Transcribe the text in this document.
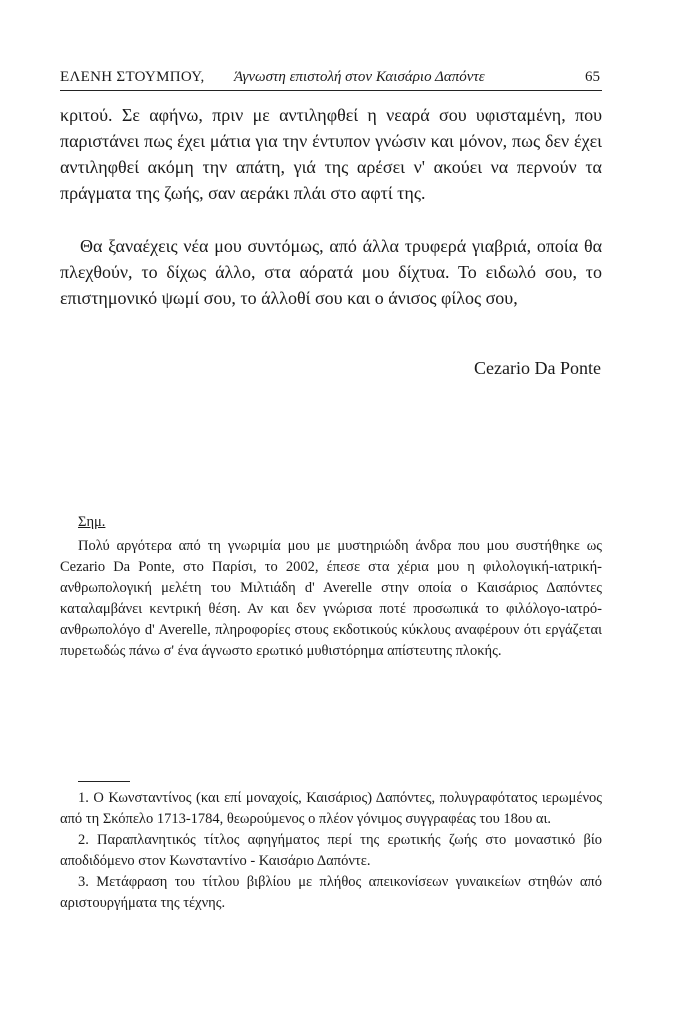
ΕΛΕΝΗ ΣΤΟΥΜΠΟΥ, Άγνωστη επιστολή στον Καισάριο Δαπόντε	65

κριτού. Σε αφήνω, πριν με αντιληφθεί η νεαρά σου υφισταμένη, που παριστάνει πως έχει μάτια για την έντυπον γνώσιν και μόνον, πως δεν έχει αντιληφθεί ακόμη την απάτη, γιά της αρέσει ν' ακούει να περνούν τα πράγματα της ζωής, σαν αεράκι πλάι στο αφτί της.

Θα ξαναέχεις νέα μου συντόμως, από άλλα τρυφερά γιαβριά, οποία θα πλεχθούν, το δίχως άλλο, στα αόρατά μου δίχτυα. Το ειδωλό σου, το επιστημονικό ψωμί σου, το άλλοθί σου και ο άνισος φίλος σου,

Cezario Da Ponte
Σημ.
Πολύ αργότερα από τη γνωριμία μου με μυστηριώδη άνδρα που μου συστήθηκε ως Cezario Da Ponte, στο Παρίσι, το 2002, έπεσε στα χέρια μου η φιλολογική-ιατρική-ανθρωπολογική μελέτη του Μιλτιάδη d' Averelle στην οποία ο Καισάριος Δαπόντες καταλαμβάνει κεντρική θέση. Αν και δεν γνώρισα ποτέ προσωπικά το φιλόλογο-ιατρό-ανθρωπολόγο d' Averelle, πληροφορίες στους εκδοτικούς κύκλους αναφέρουν ότι εργάζεται πυρετωδώς πάνω σ' ένα άγνωστο ερωτικό μυθιστόρημα απίστευτης πλοκής.

1. Ο Κωνσταντίνος (και επί μοναχοίς, Καισάριος) Δαπόντες, πολυγραφότατος ιερωμένος από τη Σκόπελο 1713-1784, θεωρούμενος ο πλέον γόνιμος συγγραφέας του 18ου αι.

2. Παραπλανητικός τίτλος αφηγήματος περί της ερωτικής ζωής στο μοναστικό βίο αποδιδόμενο στον Κωνσταντίνο - Καισάριο Δαπόντε.

3. Μετάφραση του τίτλου βιβλίου με πλήθος απεικονίσεων γυναικείων στηθών από αριστουργήματα της τέχνης.
